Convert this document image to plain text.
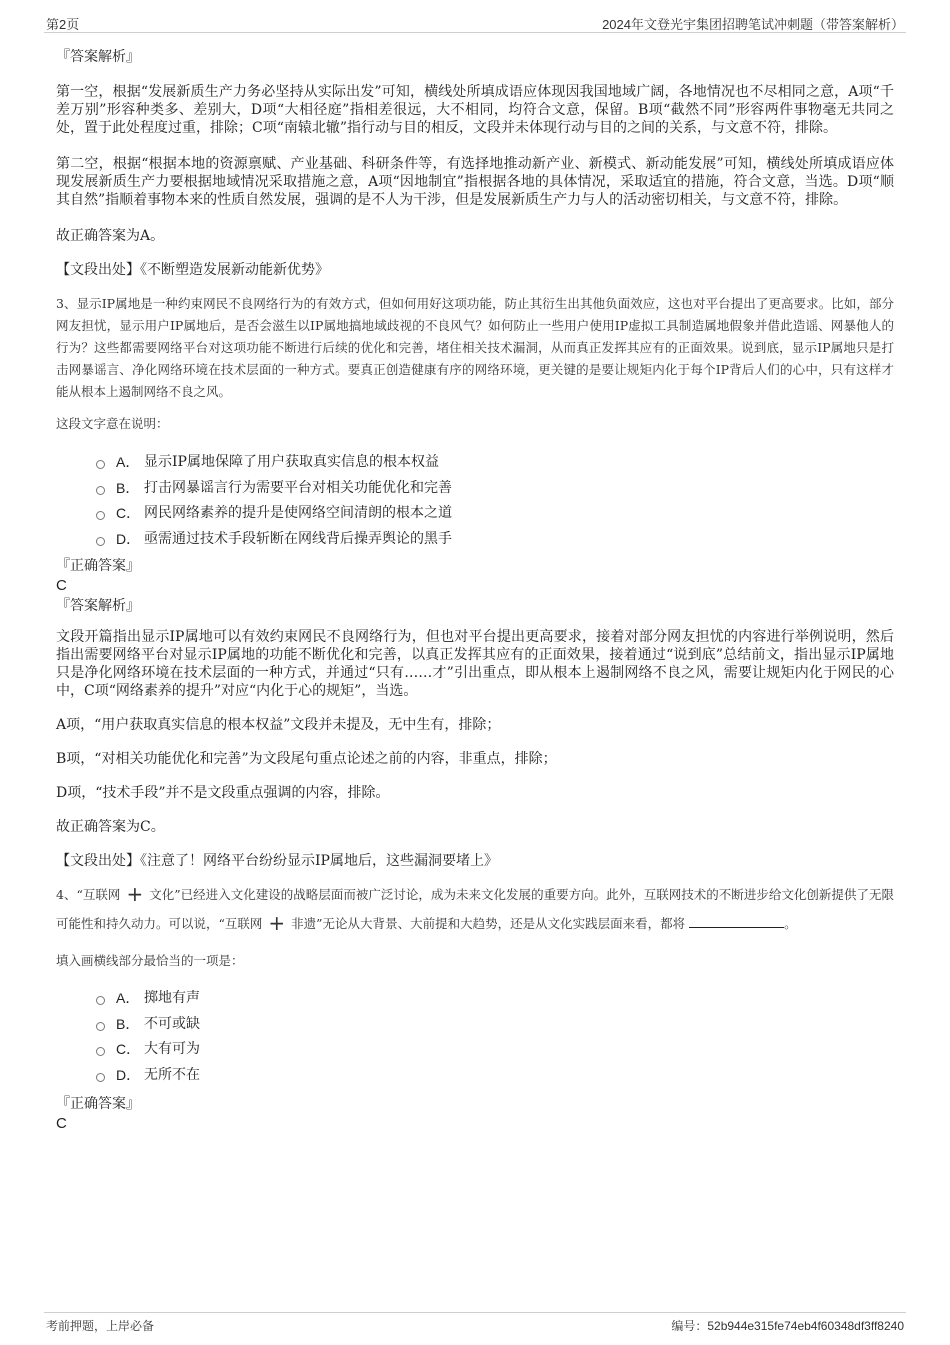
第2页	2024年文登光宇集团招聘笔试冲刺题（带答案解析）

『答案解析』

第一空，根据“发展新质生产力务必坚持从实际出发”可知，横线处所填成语应体现因我国地域广阔，各地情况也不尽相同之意，A项“千差万别”形容种类多、差别大，D项“大相径庭”指相差很远，大不相同，均符合文意，保留。B项“截然不同”形容两件事物毫无共同之处，置于此处程度过重，排除；C项“南辕北辙”指行动与目的相反，文段并未体现行动与目的之间的关系，与文意不符，排除。

第二空，根据“根据本地的资源禀赋、产业基础、科研条件等，有选择地推动新产业、新模式、新动能发展”可知，横线处所填成语应体现发展新质生产力要根据地域情况采取措施之意，A项“因地制宜”指根据各地的具体情况，采取适宜的措施，符合文意，当选。D项“顺其自然”指顺着事物本来的性质自然发展，强调的是不人为干涉，但是发展新质生产力与人的活动密切相关，与文意不符，排除。

故正确答案为A。

【文段出处】《不断塑造发展新动能新优势》

3、显示IP属地是一种约束网民不良网络行为的有效方式，但如何用好这项功能，防止其衍生出其他负面效应，这也对平台提出了更高要求。比如，部分网友担忧，显示用户IP属地后，是否会滋生以IP属地搞地域歧视的不良风气？如何防止一些用户使用IP虚拟工具制造属地假象并借此造谣、网暴他人的行为？这些都需要网络平台对这项功能不断进行后续的优化和完善，堵住相关技术漏洞，从而真正发挥其应有的正面效果。说到底，显示IP属地只是打击网暴谣言、净化网络环境在技术层面的一种方式。要真正创造健康有序的网络环境，更关键的是要让规矩内化于每个IP背后人们的心中，只有这样才能从根本上遏制网络不良之风。

这段文字意在说明：

A． 显示IP属地保障了用户获取真实信息的根本权益
B． 打击网暴谣言行为需要平台对相关功能优化和完善
C． 网民网络素养的提升是使网络空间清朗的根本之道
D． 亟需通过技术手段斩断在网线背后操弄舆论的黑手

『正确答案』

C

『答案解析』

文段开篇指出显示IP属地可以有效约束网民不良网络行为，但也对平台提出更高要求，接着对部分网友担忧的内容进行举例说明，然后指出需要网络平台对显示IP属地的功能不断优化和完善，以真正发挥其应有的正面效果，接着通过“说到底”总结前文，指出显示IP属地只是净化网络环境在技术层面的一种方式，并通过“只有……才”引出重点，即从根本上遏制网络不良之风，需要让规矩内化于网民的心中，C项“网络素养的提升”对应“内化于心的规矩”，当选。

A项，“用户获取真实信息的根本权益”文段并未提及，无中生有，排除；

B项，“对相关功能优化和完善”为文段尾句重点论述之前的内容，非重点，排除；

D项，“技术手段”并不是文段重点强调的内容，排除。

故正确答案为C。

【文段出处】《注意了！网络平台纷纷显示IP属地后，这些漏洞要堵上》

4、“互联网 + 文化”已经进入文化建设的战略层面而被广泛讨论，成为未来文化发展的重要方向。此外，互联网技术的不断进步给文化创新提供了无限可能性和持久动力。可以说，“互联网 + 非遗”无论从大背景、大前提和大趋势，还是从文化实践层面来看，都将	。

填入画横线部分最恰当的一项是：

A． 掷地有声
B． 不可或缺
C． 大有可为
D． 无所不在

『正确答案』

C

考前押题，上岸必备	编号：52b944e315fe74eb4f60348df3ff8240
